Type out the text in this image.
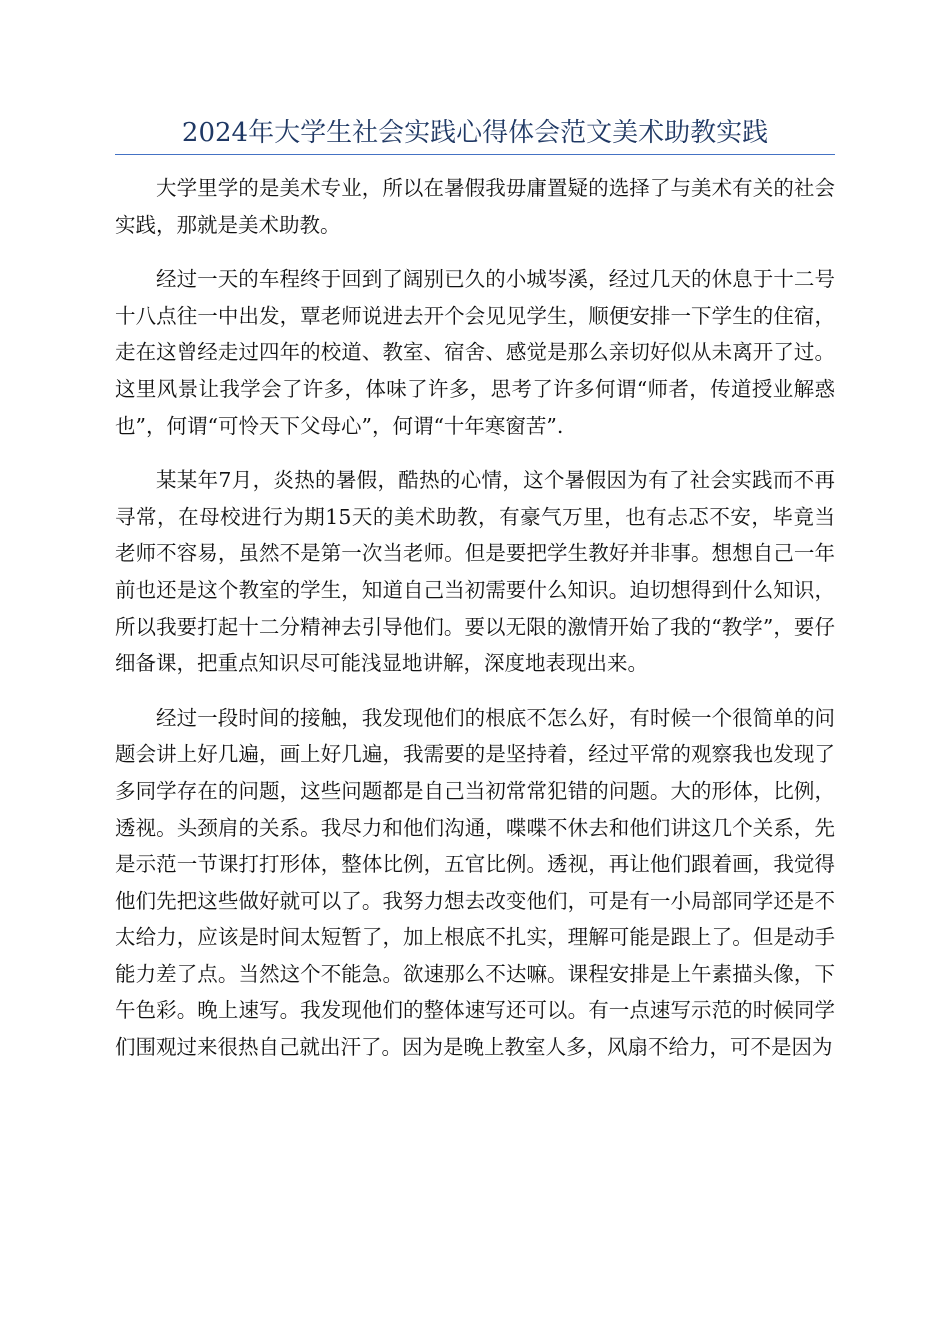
2024年大学生社会实践心得体会范文美术助教实践

大学里学的是美术专业，所以在暑假我毋庸置疑的选择了与美术有关的社会实践，那就是美术助教。

经过一天的车程终于回到了阔别已久的小城岑溪，经过几天的休息于十二号十八点往一中出发，覃老师说进去开个会见见学生，顺便安排一下学生的住宿，走在这曾经走过四年的校道、教室、宿舍、感觉是那么亲切好似从未离开了过。这里风景让我学会了许多，体味了许多，思考了许多何谓“师者，传道授业解惑也”，何谓“可怜天下父母心”，何谓“十年寒窗苦”.

某某年7月，炎热的暑假，酷热的心情，这个暑假因为有了社会实践而不再寻常，在母校进行为期15天的美术助教，有豪气万里，也有忐忑不安，毕竟当老师不容易，虽然不是第一次当老师。但是要把学生教好并非事。想想自己一年前也还是这个教室的学生，知道自己当初需要什么知识。迫切想得到什么知识，所以我要打起十二分精神去引导他们。要以无限的激情开始了我的“教学”，要仔细备课，把重点知识尽可能浅显地讲解，深度地表现出来。

经过一段时间的接触，我发现他们的根底不怎么好，有时候一个很简单的问题会讲上好几遍，画上好几遍，我需要的是坚持着，经过平常的观察我也发现了多同学存在的问题，这些问题都是自己当初常常犯错的问题。大的形体，比例，透视。头颈肩的关系。我尽力和他们沟通，喋喋不休去和他们讲这几个关系，先是示范一节课打打形体，整体比例，五官比例。透视，再让他们跟着画，我觉得他们先把这些做好就可以了。我努力想去改变他们，可是有一小局部同学还是不太给力，应该是时间太短暂了，加上根底不扎实，理解可能是跟上了。但是动手能力差了点。当然这个不能急。欲速那么不达嘛。课程安排是上午素描头像，下午色彩。晚上速写。我发现他们的整体速写还可以。有一点速写示范的时候同学们围观过来很热自己就出汗了。因为是晚上教室人多，风扇不给力，可不是因为
